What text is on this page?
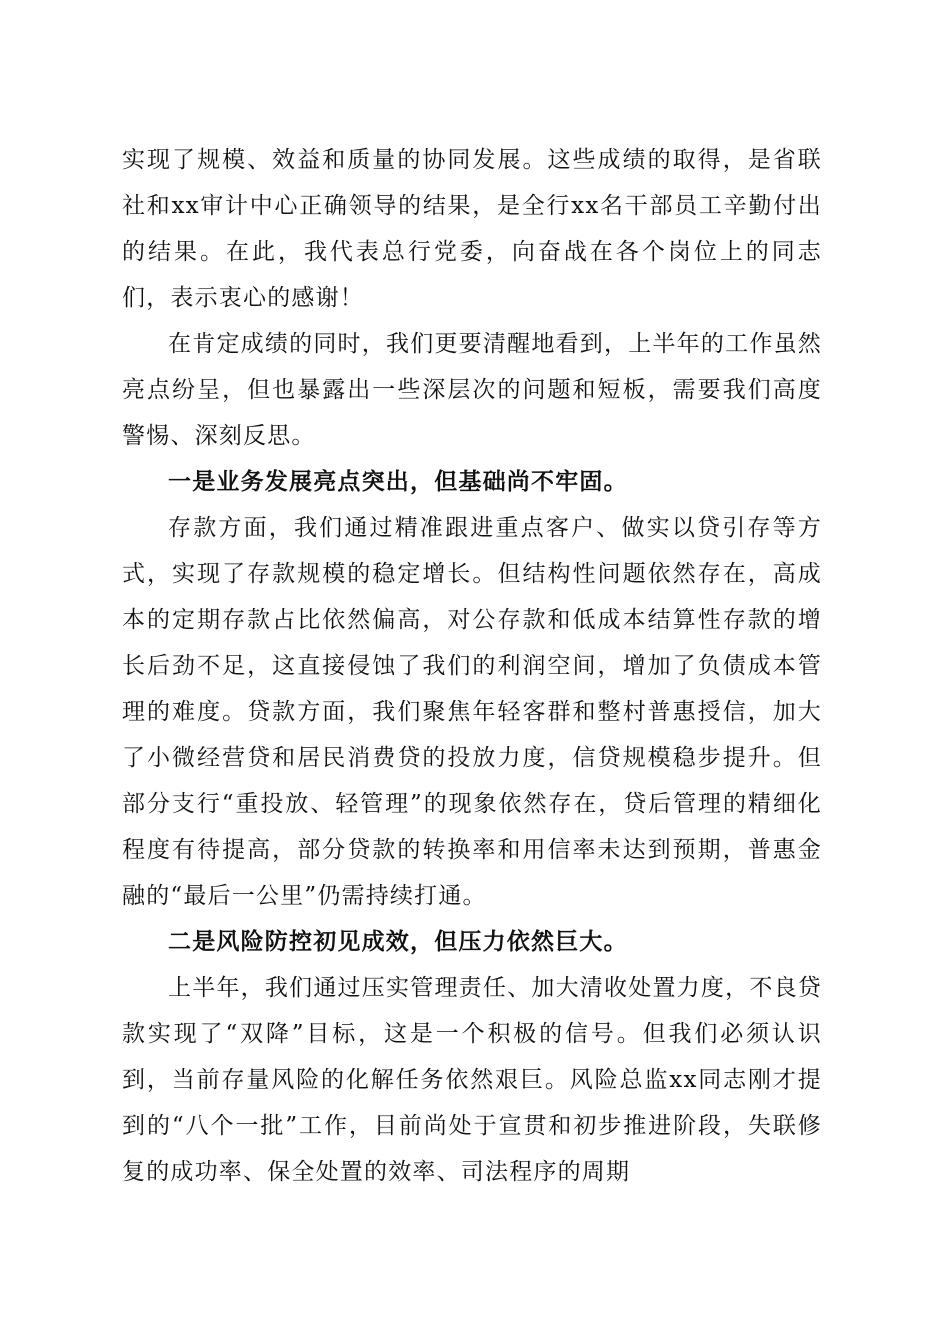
实现了规模、效益和质量的协同发展。这些成绩的取得，是省联社和xx审计中心正确领导的结果，是全行xx名干部员工辛勤付出的结果。在此，我代表总行党委，向奋战在各个岗位上的同志们，表示衷心的感谢！

在肯定成绩的同时，我们更要清醒地看到，上半年的工作虽然亮点纷呈，但也暴露出一些深层次的问题和短板，需要我们高度警惕、深刻反思。

一是业务发展亮点突出，但基础尚不牢固。

存款方面，我们通过精准跟进重点客户、做实以贷引存等方式，实现了存款规模的稳定增长。但结构性问题依然存在，高成本的定期存款占比依然偏高，对公存款和低成本结算性存款的增长后劲不足，这直接侵蚀了我们的利润空间，增加了负债成本管理的难度。贷款方面，我们聚焦年轻客群和整村普惠授信，加大了小微经营贷和居民消费贷的投放力度，信贷规模稳步提升。但部分支行“重投放、轻管理”的现象依然存在，贷后管理的精细化程度有待提高，部分贷款的转换率和用信率未达到预期，普惠金融的“最后一公里”仍需持续打通。

二是风险防控初见成效，但压力依然巨大。

上半年，我们通过压实管理责任、加大清收处置力度，不良贷款实现了“双降”目标，这是一个积极的信号。但我们必须认识到，当前存量风险的化解任务依然艰巨。风险总监xx同志刚才提到的“八个一批”工作，目前尚处于宣贯和初步推进阶段，失联修复的成功率、保全处置的效率、司法程序的周期
